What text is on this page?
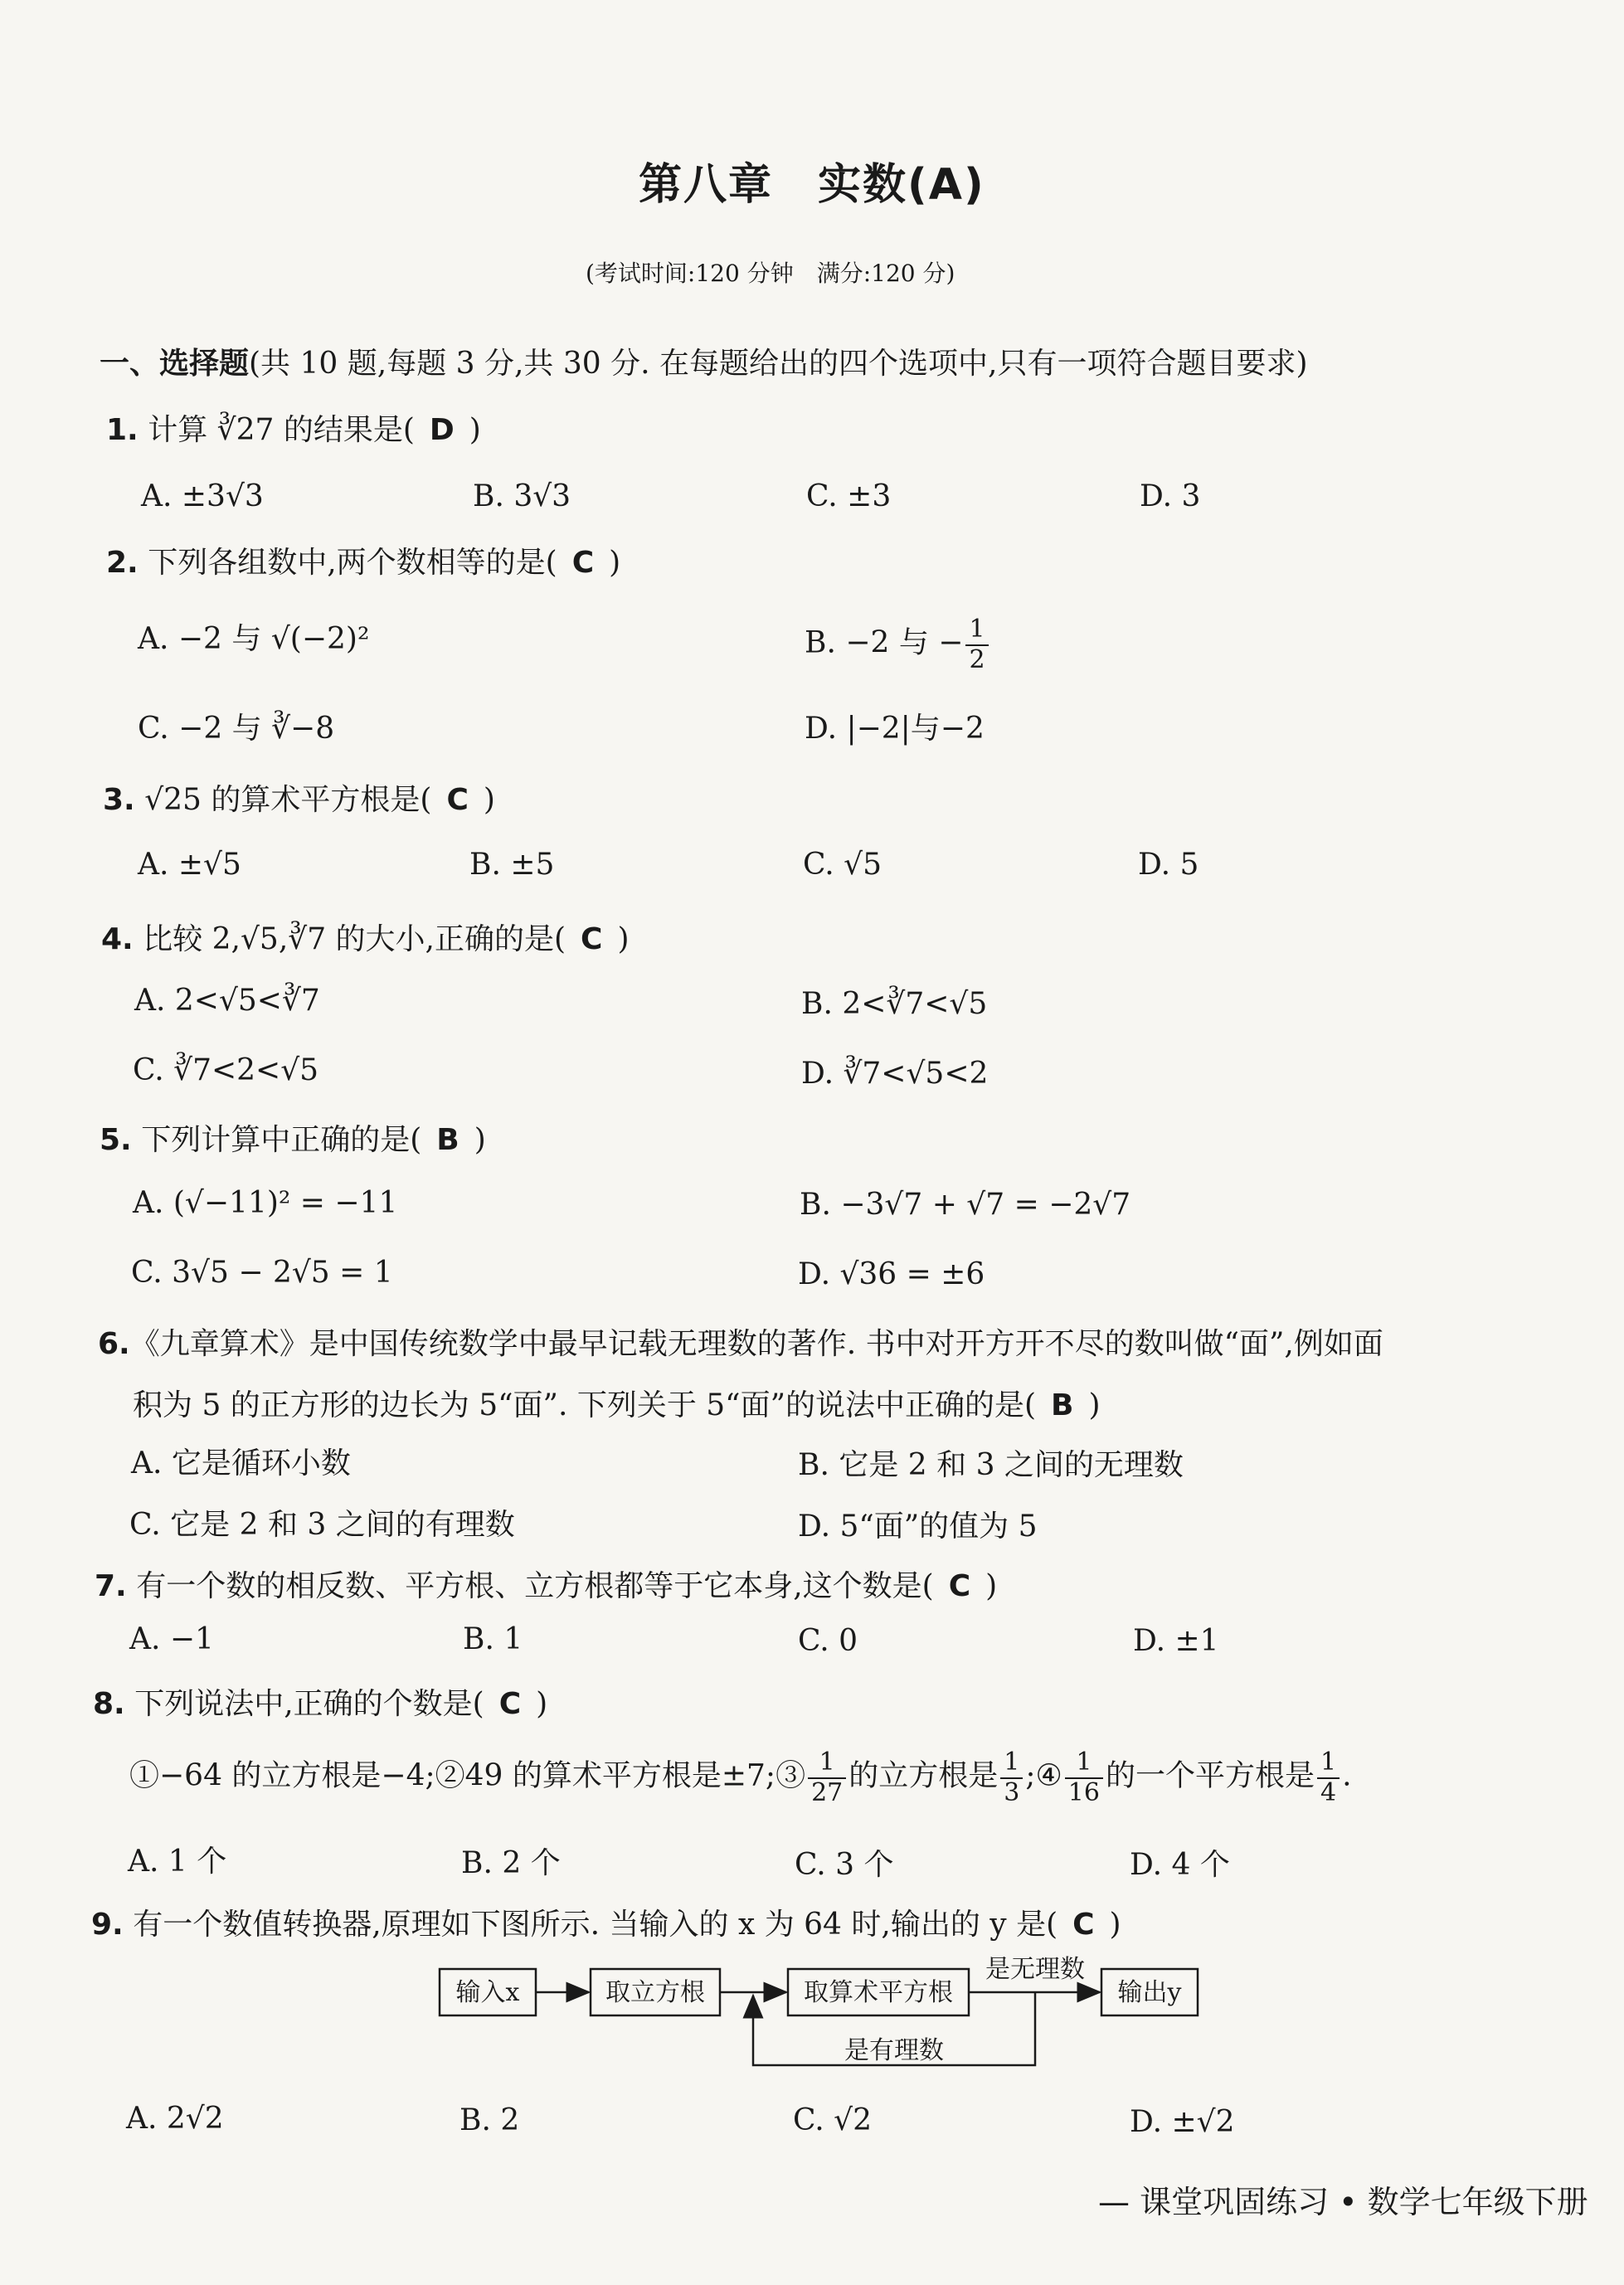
第八章　实数(A)
(考试时间:120 分钟　满分:120 分)
一、选择题(共 10 题,每题 3 分,共 30 分. 在每题给出的四个选项中,只有一项符合题目要求)
1. 计算 ∛27 的结果是( D )
A. ±3√3	B. 3√3	C. ±3	D. 3
2. 下列各组数中,两个数相等的是( C )
A. −2 与 √(−2)²	B. −2 与 − $\frac{1}{2}$
C. −2 与 ∛−8	D. |−2|与−2
3. √25 的算术平方根是( C )
A. ±√5	B. ±5	C. √5	D. 5
4. 比较 2,√5,∛7 的大小,正确的是( C )
A. 2<√5<∛7	B. 2<∛7<√5
C. ∛7<2<√5	D. ∛7<√5<2
5. 下列计算中正确的是( B )
A. (√−11)² = −11	B. −3√7 + √7 = −2√7
C. 3√5 − 2√5 = 1	D. √36 = ±6
6.《九章算术》是中国传统数学中最早记载无理数的著作. 书中对开方开不尽的数叫做“面”,例如面
积为 5 的正方形的边长为 5“面”. 下列关于 5“面”的说法中正确的是( B )
A. 它是循环小数	B. 它是 2 和 3 之间的无理数
C. 它是 2 和 3 之间的有理数	D. 5“面”的值为 5
7. 有一个数的相反数、平方根、立方根都等于它本身,这个数是( C )
A. −1	B. 1	C. 0	D. ±1
8. 下列说法中,正确的个数是( C )
①−64 的立方根是−4;②49 的算术平方根是±7;③ $\frac{1}{27}$ 的立方根是 $\frac{1}{3}$ ;④ $\frac{1}{16}$ 的一个平方根是 $\frac{1}{4}$ .
A. 1 个	B. 2 个	C. 3 个	D. 4 个
9. 有一个数值转换器,原理如下图所示. 当输入的 x 为 64 时,输出的 y 是( C )
输入x	取立方根	取算术平方根	输出y
是无理数
是有理数
A. 2√2	B. 2	C. √2	D. ±√2
— 课堂巩固练习 • 数学七年级下册
